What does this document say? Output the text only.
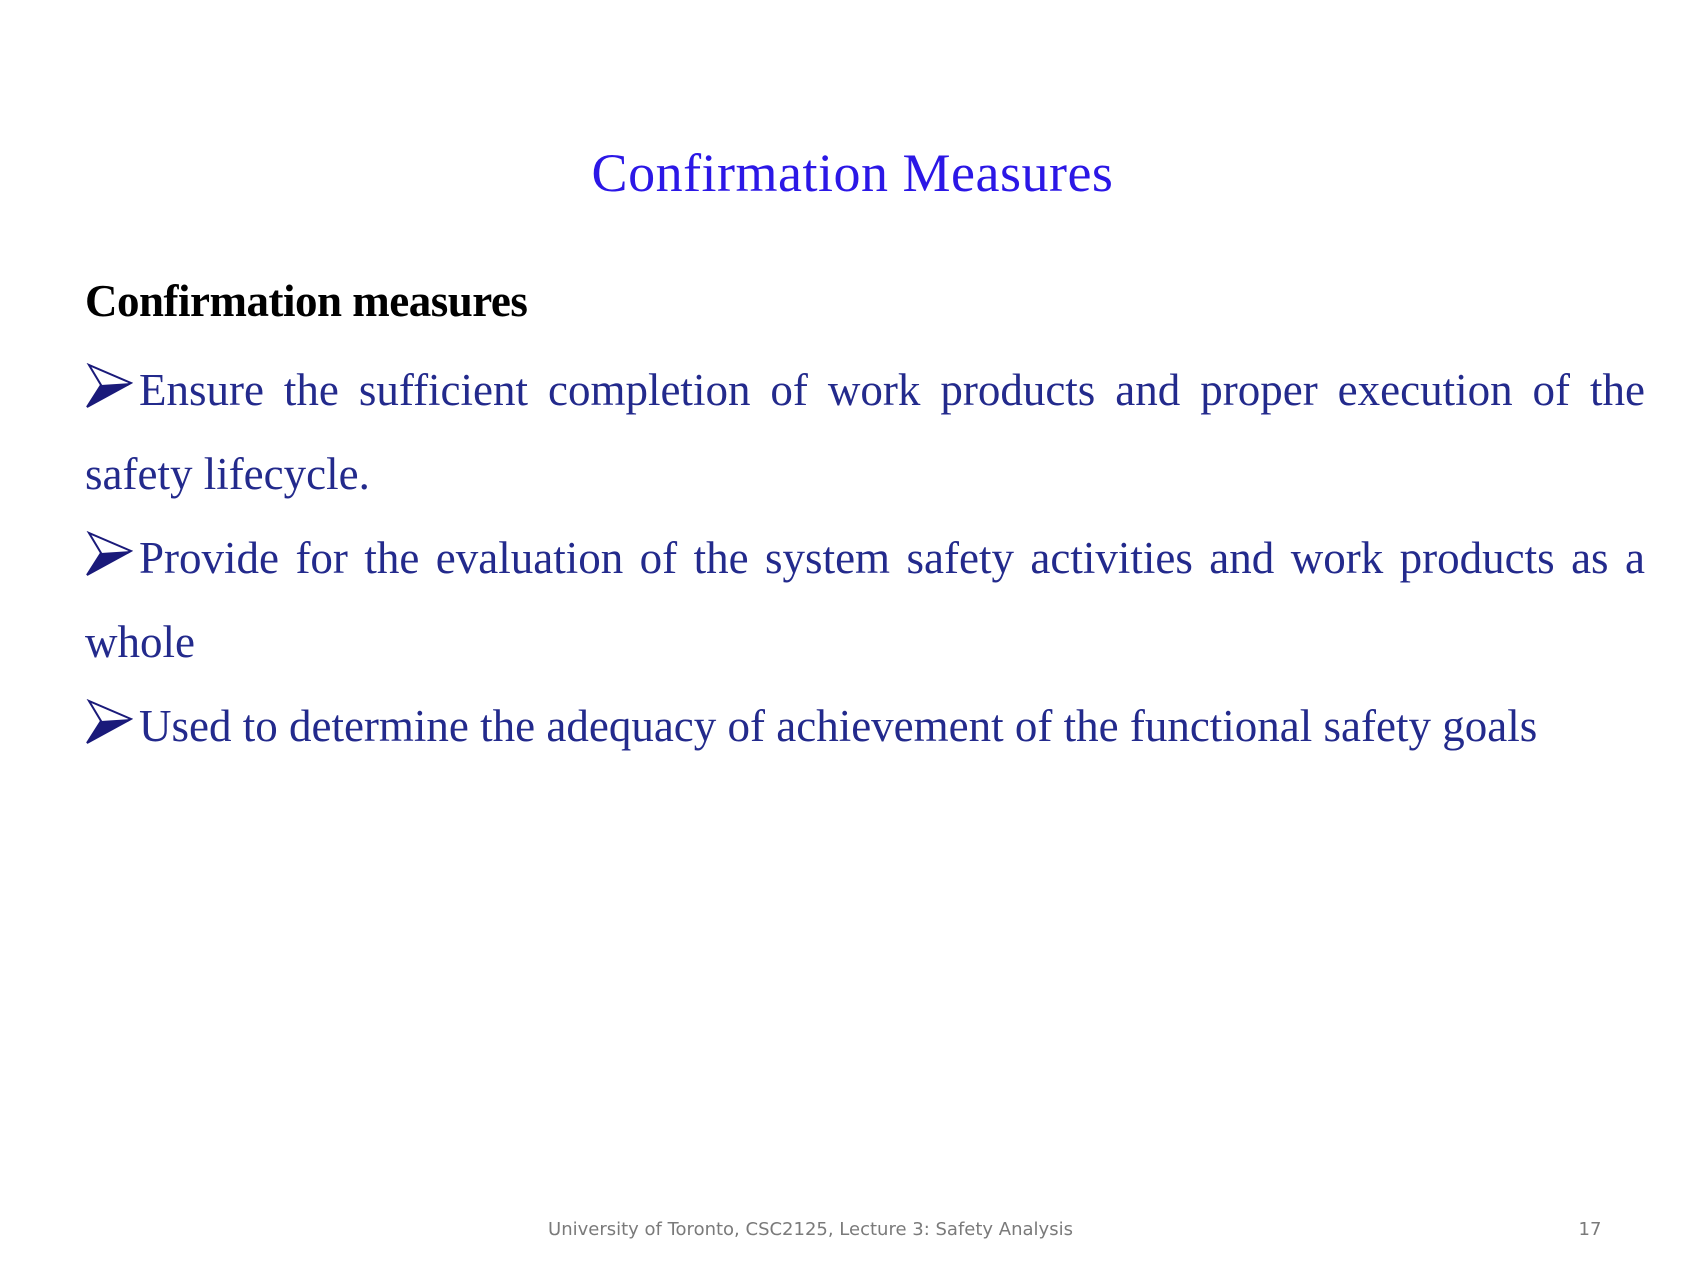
Confirmation Measures

Confirmation measures

Ensure the sufficient completion of work products and proper execution of the safety lifecycle.
Provide for the evaluation of the system safety activities and work products as a whole
Used to determine the adequacy of achievement of the functional safety goals

University of Toronto, CSC2125, Lecture 3: Safety Analysis	17
